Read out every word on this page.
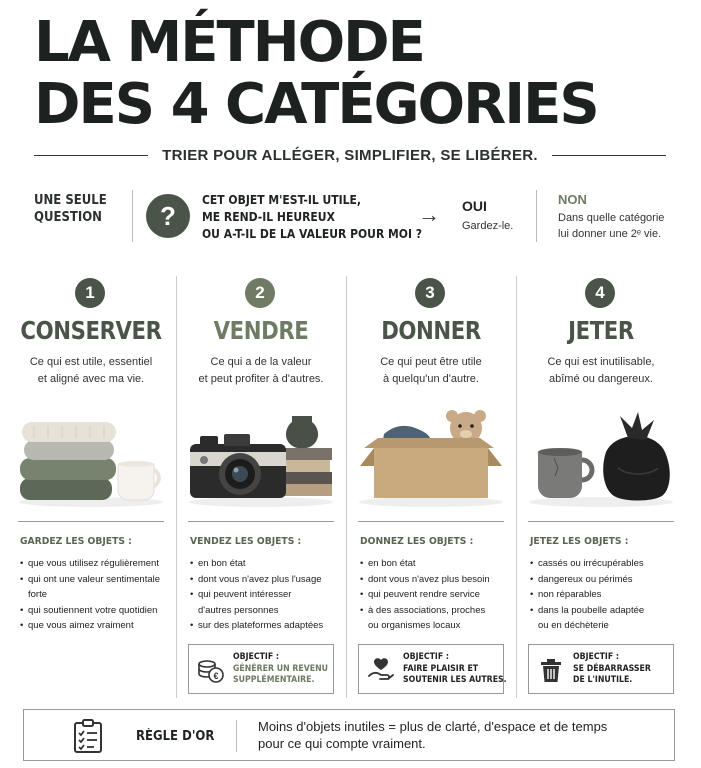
LA MÉTHODE
DES 4 CATÉGORIES
TRIER POUR ALLÉGER, SIMPLIFIER, SE LIBÉRER.
UNE SEULE
QUESTION	?
CET OBJET M'EST-IL UTILE,
ME REND-IL HEUREUX
OU A-T-IL DE LA VALEUR POUR MOI ?
→ OUI
Gardez-le.
NON
Dans quelle catégorie
lui donner une 2ᵉ vie.
1
CONSERVER
Ce qui est utile, essentiel
et aligné avec ma vie.
GARDEZ LES OBJETS :
• que vous utilisez régulièrement
• qui ont une valeur sentimentale
forte
• qui soutiennent votre quotidien
• que vous aimez vraiment
2
VENDRE
Ce qui a de la valeur
et peut profiter à d'autres.
VENDEZ LES OBJETS :
• en bon état
• dont vous n'avez plus l'usage
• qui peuvent intéresser
d'autres personnes
• sur des plateformes adaptées
€
OBJECTIF :
GÉNÉRER UN REVENU
SUPPLÉMENTAIRE.
3
DONNER
Ce qui peut être utile
à quelqu'un d'autre.
DONNEZ LES OBJETS :
• en bon état
• dont vous n'avez plus besoin
• qui peuvent rendre service
• à des associations, proches
ou organismes locaux
OBJECTIF :
FAIRE PLAISIR ET
SOUTENIR LES AUTRES.
4
JETER
Ce qui est inutilisable,
abîmé ou dangereux.
JETEZ LES OBJETS :
• cassés ou irrécupérables
• dangereux ou périmés
• non réparables
• dans la poubelle adaptée
ou en déchèterie
OBJECTIF :
SE DÉBARRASSER
DE L'INUTILE.
RÈGLE D'OR
Moins d'objets inutiles = plus de clarté, d'espace et de temps
pour ce qui compte vraiment.
